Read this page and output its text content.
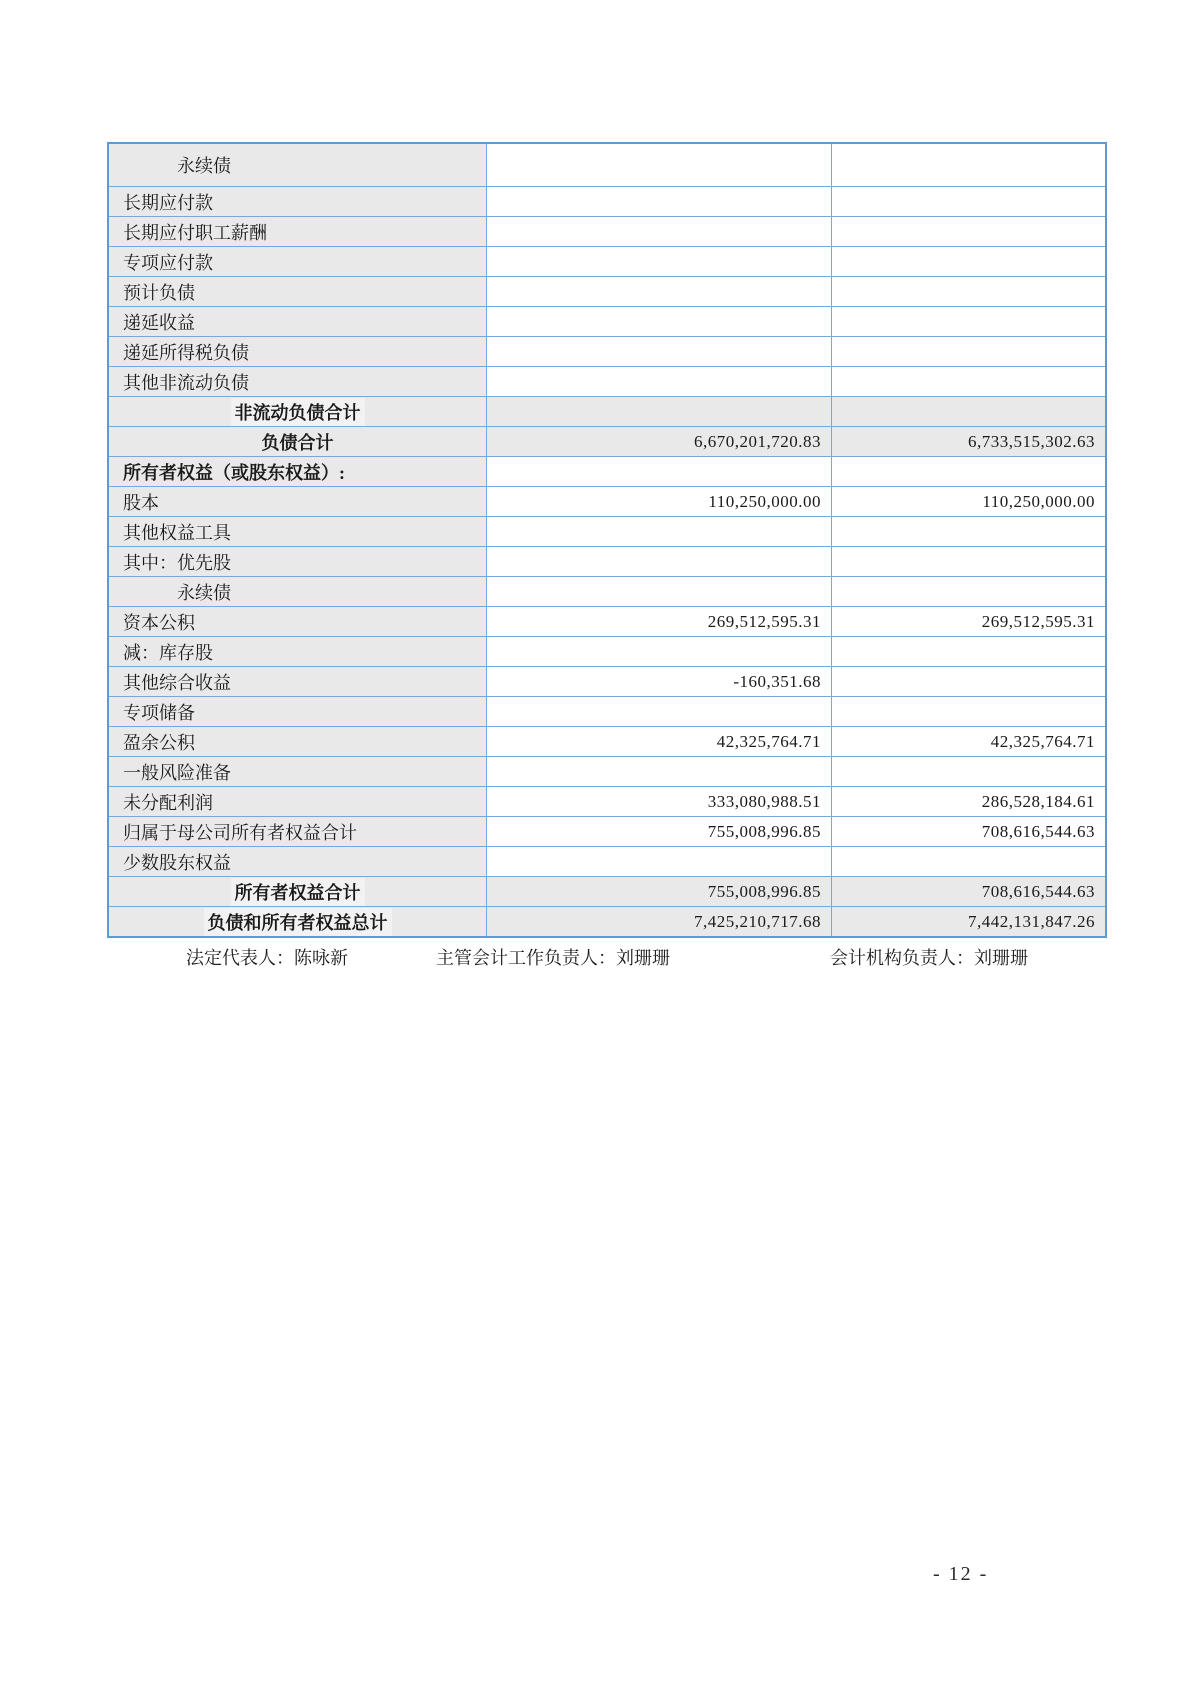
永续债
长期应付款
长期应付职工薪酬
专项应付款
预计负债
递延收益
递延所得税负债
其他非流动负债
非流动负债合计
负债合计	6,670,201,720.83	6,733,515,302.63
所有者权益（或股东权益）:
股本	110,250,000.00	110,250,000.00
其他权益工具
其中：优先股
永续债
资本公积	269,512,595.31	269,512,595.31
减：库存股
其他综合收益	-160,351.68
专项储备
盈余公积	42,325,764.71	42,325,764.71
一般风险准备
未分配利润	333,080,988.51	286,528,184.61
归属于母公司所有者权益合计	755,008,996.85	708,616,544.63
少数股东权益
所有者权益合计	755,008,996.85	708,616,544.63
负债和所有者权益总计	7,425,210,717.68	7,442,131,847.26
法定代表人：陈咏新	主管会计工作负责人：刘珊珊	会计机构负责人：刘珊珊
- 12 -
